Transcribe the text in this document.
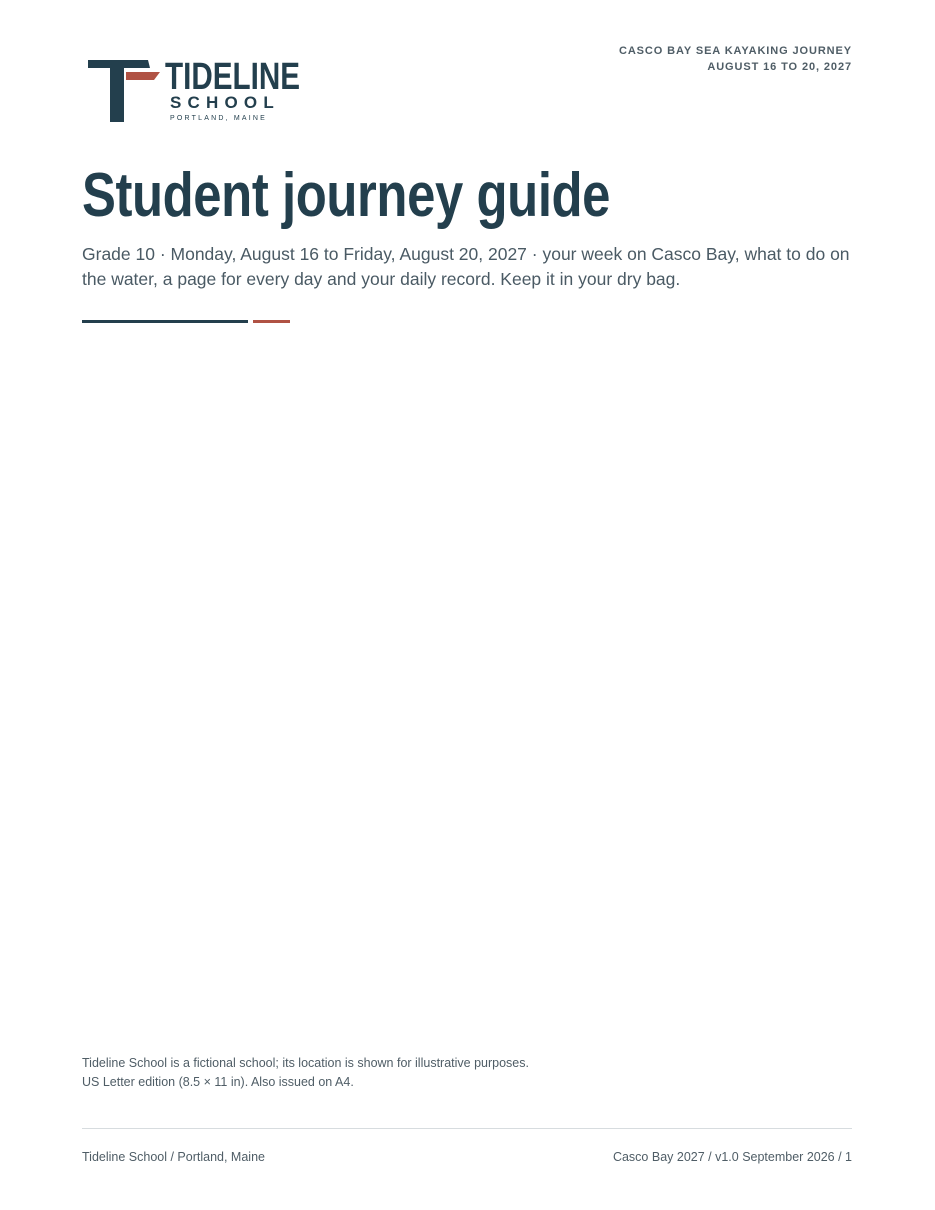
TIDELINE
SCHOOL
PORTLAND, MAINE
CASCO BAY SEA KAYAKING JOURNEY
AUGUST 16 TO 20, 2027
Student journey guide

Grade 10 · Monday, August 16 to Friday, August 20, 2027 · your week on Casco Bay, what to do on the water, a page for every day and your daily record. Keep it in your dry bag.

Tideline School is a fictional school; its location is shown for illustrative purposes.
US Letter edition (8.5 × 11 in). Also issued on A4.
Tideline School / Portland, Maine	Casco Bay 2027 / v1.0 September 2026 / 1
